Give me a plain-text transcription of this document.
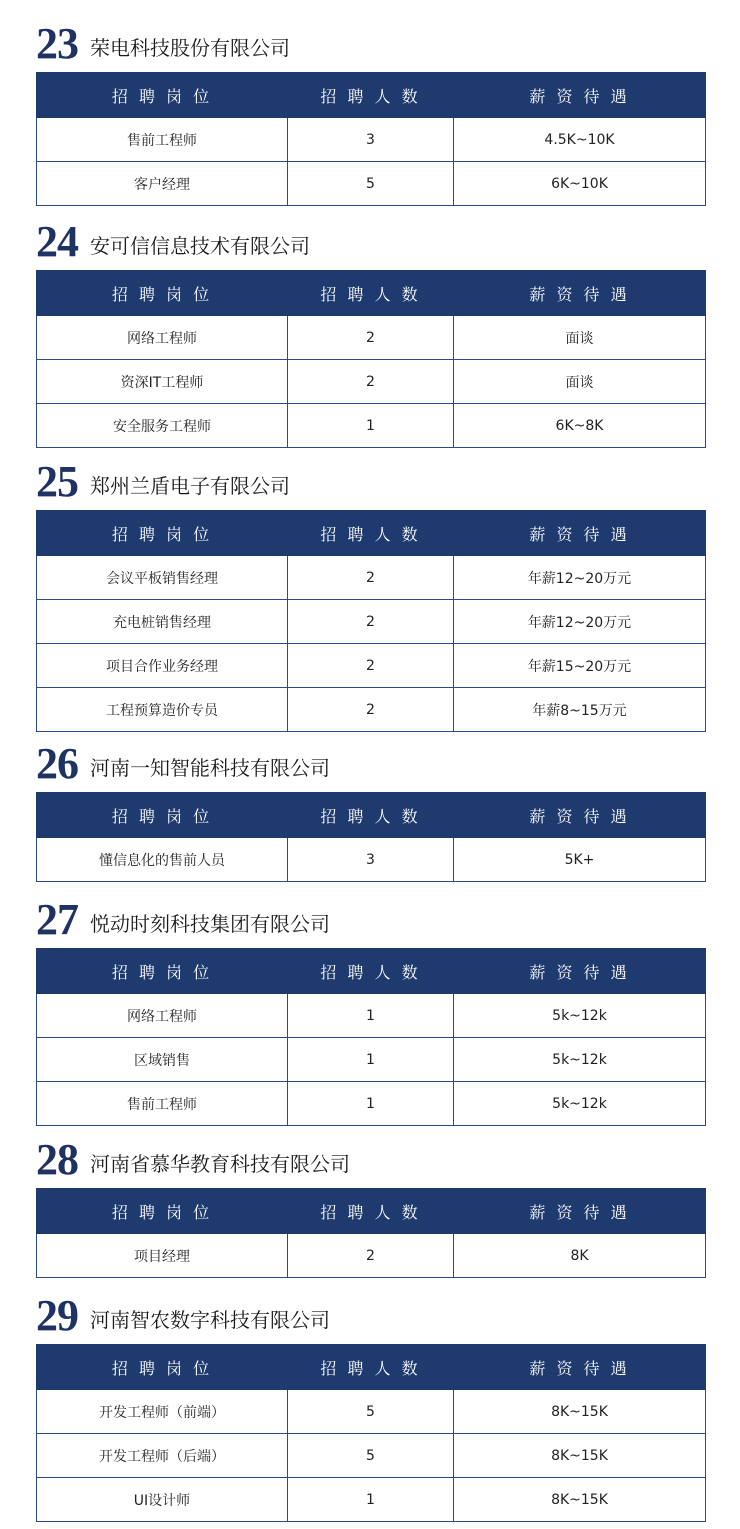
23 荣电科技股份有限公司
招 聘 岗 位	招 聘 人 数	薪 资 待 遇
售前工程师	3	4.5K~10K
客户经理	5	6K~10K
24 安可信信息技术有限公司
招 聘 岗 位	招 聘 人 数	薪 资 待 遇
网络工程师	2	面谈
资深IT工程师	2	面谈
安全服务工程师	1	6K~8K
25 郑州兰盾电子有限公司
招 聘 岗 位	招 聘 人 数	薪 资 待 遇
会议平板销售经理	2	年薪12~20万元
充电桩销售经理	2	年薪12~20万元
项目合作业务经理	2	年薪15~20万元
工程预算造价专员	2	年薪8~15万元
26 河南一知智能科技有限公司
招 聘 岗 位	招 聘 人 数	薪 资 待 遇
懂信息化的售前人员	3	5K+
27 悦动时刻科技集团有限公司
招 聘 岗 位	招 聘 人 数	薪 资 待 遇
网络工程师	1	5k~12k
区域销售	1	5k~12k
售前工程师	1	5k~12k
28 河南省慕华教育科技有限公司
招 聘 岗 位	招 聘 人 数	薪 资 待 遇
项目经理	2	8K
29 河南智农数字科技有限公司
招 聘 岗 位	招 聘 人 数	薪 资 待 遇
开发工程师（前端）	5	8K~15K
开发工程师（后端）	5	8K~15K
UI设计师	1	8K~15K
